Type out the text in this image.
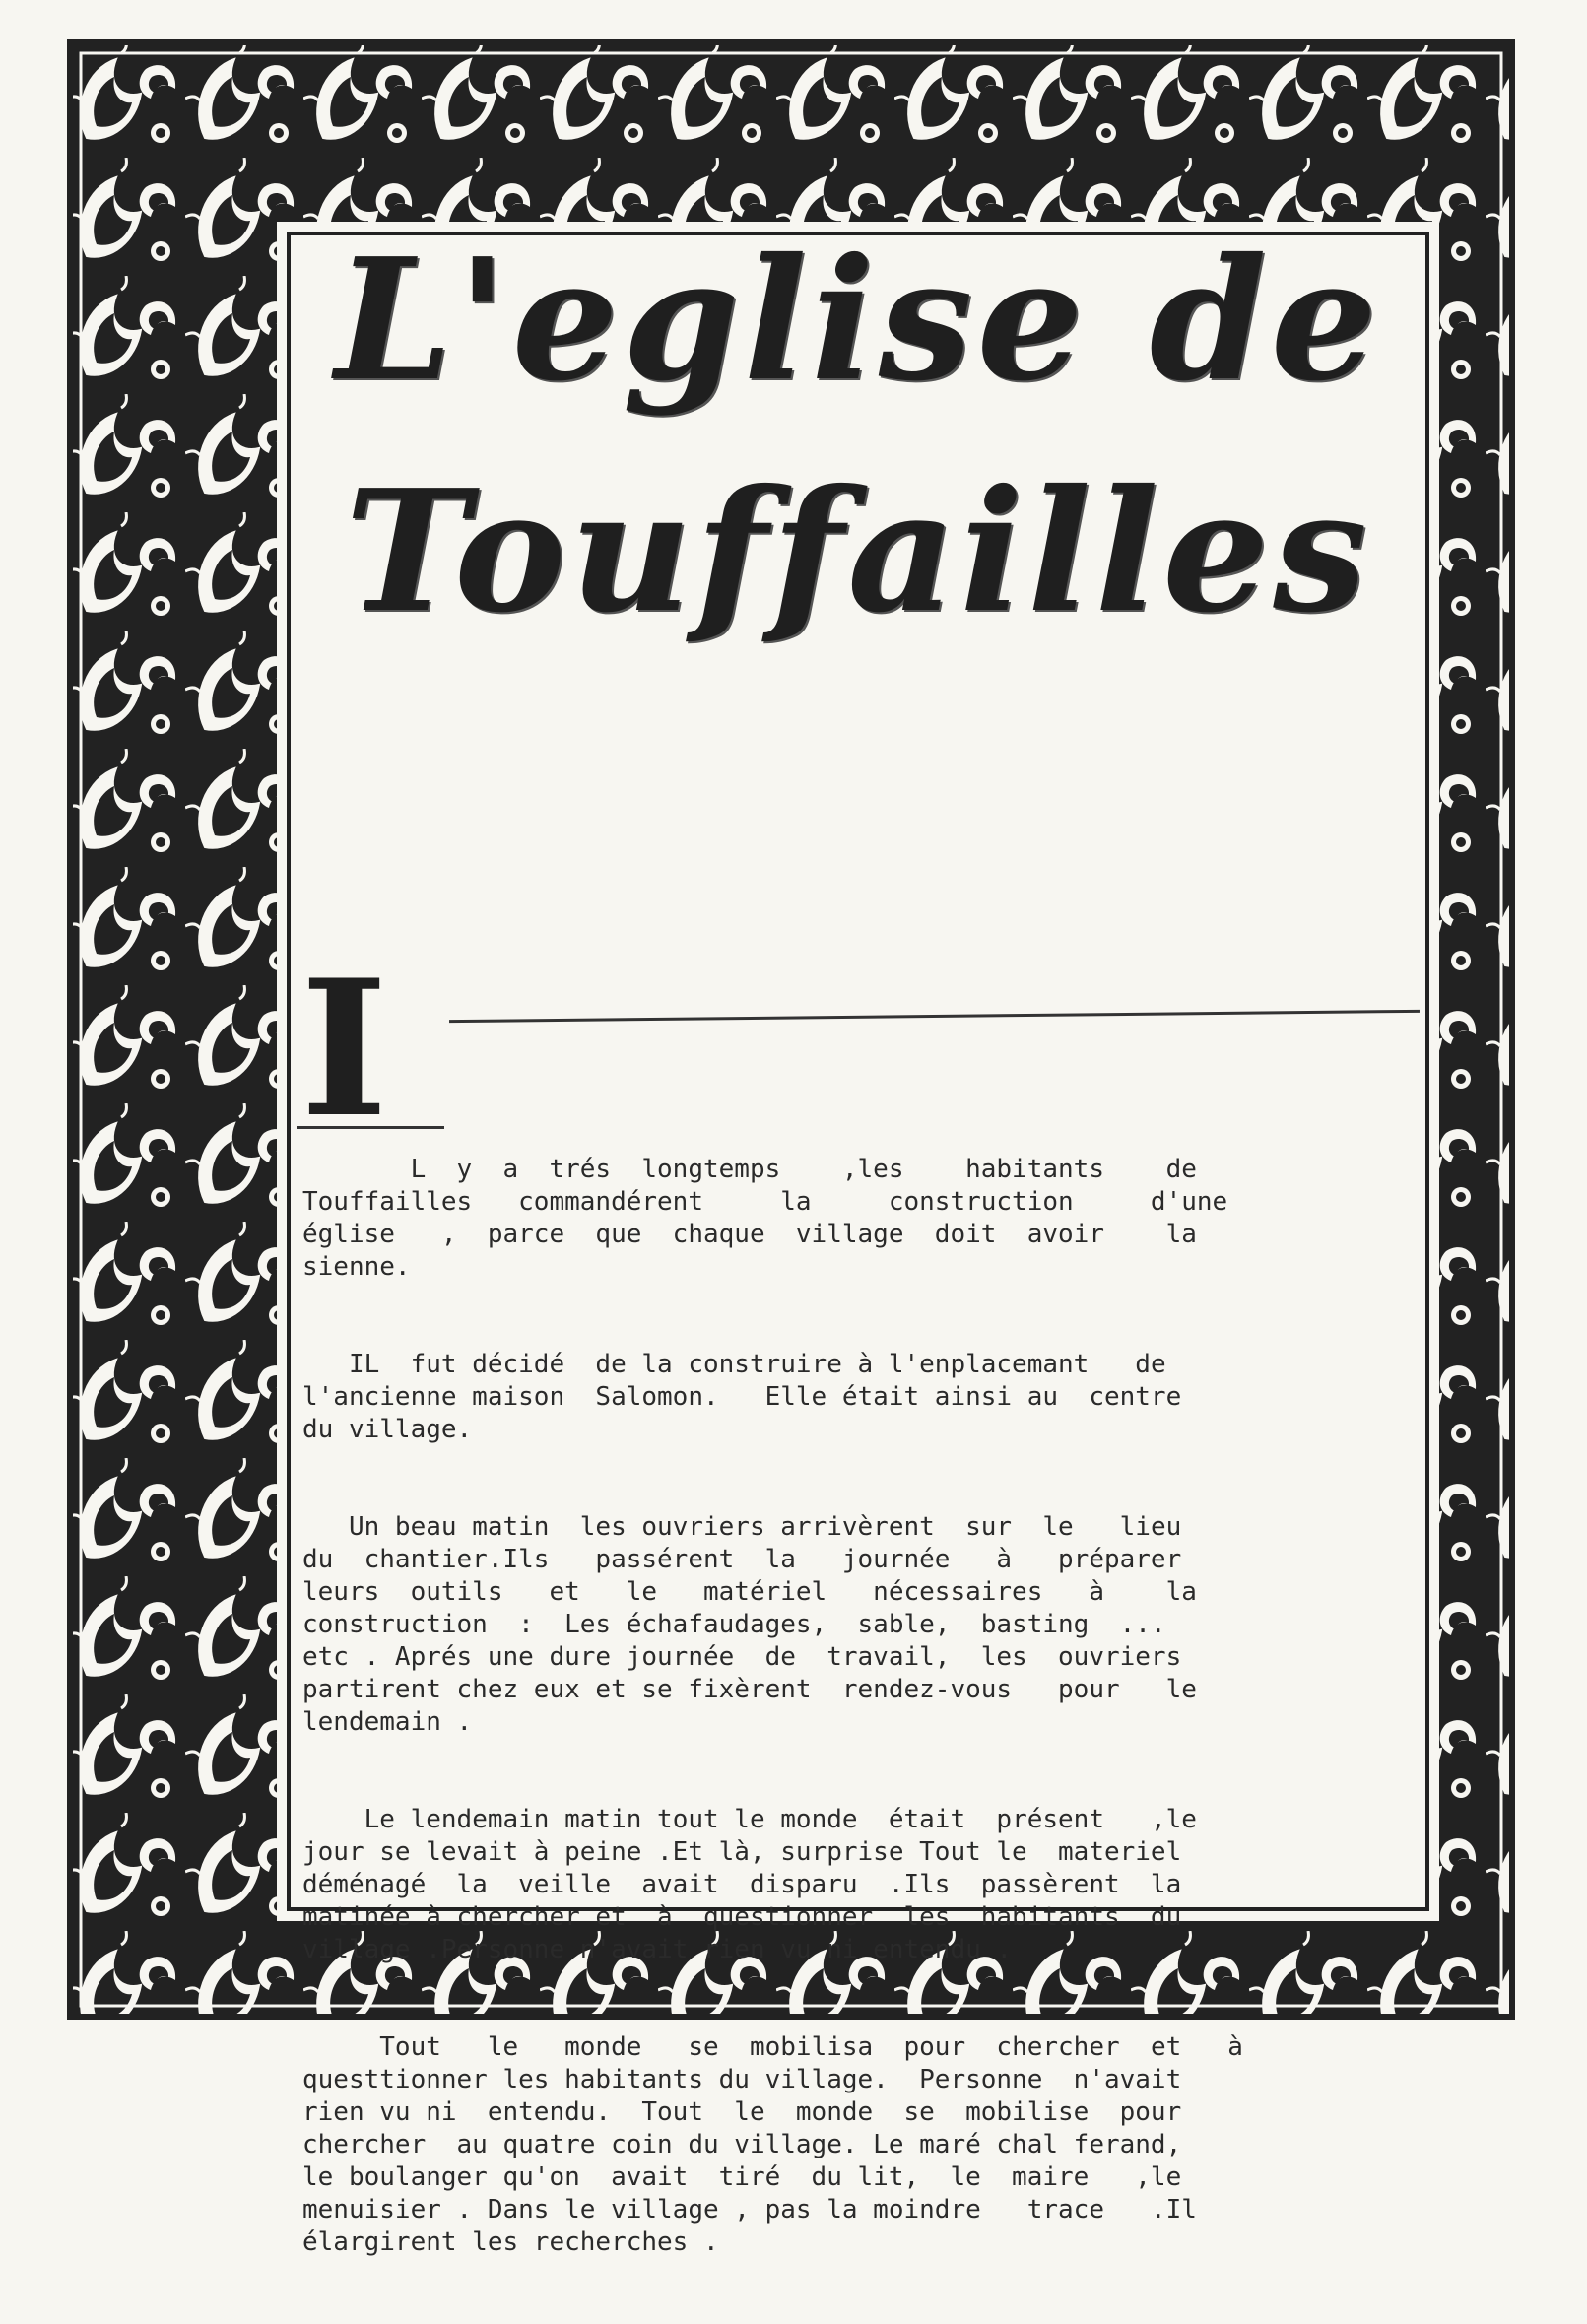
L'eglise de
Touffailles
I

L  y  a  trés  longtemps    ,les    habitants    de
Touffailles   commandérent     la     construction     d'une
église   ,  parce  que  chaque  village  doit  avoir    la
sienne.

IL  fut décidé  de la construire à l'enplacemant   de
l'ancienne maison  Salomon.   Elle était ainsi au  centre
du village.

Un beau matin  les ouvriers arrivèrent  sur  le   lieu
du  chantier.Ils   passérent  la   journée   à   préparer
leurs  outils   et   le   matériel   nécessaires   à    la
construction  :  Les échafaudages,  sable,  basting  ...
etc . Aprés une dure journée  de  travail,  les  ouvriers
partirent chez eux et se fixèrent  rendez-vous   pour   le
lendemain .

Le lendemain matin tout le monde  était  présent   ,le
jour se levait à peine .Et là, surprise Tout le  materiel
déménagé  la  veille  avait  disparu  .Ils  passèrent  la
matinée à chercher et  à  questionner  les  habitants  du
village .Personne n'avait rien vu ni entendu .

Tout   le   monde   se  mobilisa  pour  chercher  et   à
questtionner les habitants du village.  Personne  n'avait
rien vu ni  entendu.  Tout  le  monde  se  mobilise  pour
chercher  au quatre coin du village. Le maré chal ferand,
le boulanger qu'on  avait  tiré  du lit,  le  maire   ,le
menuisier . Dans le village , pas la moindre   trace   .Il
élargirent les recherches .
